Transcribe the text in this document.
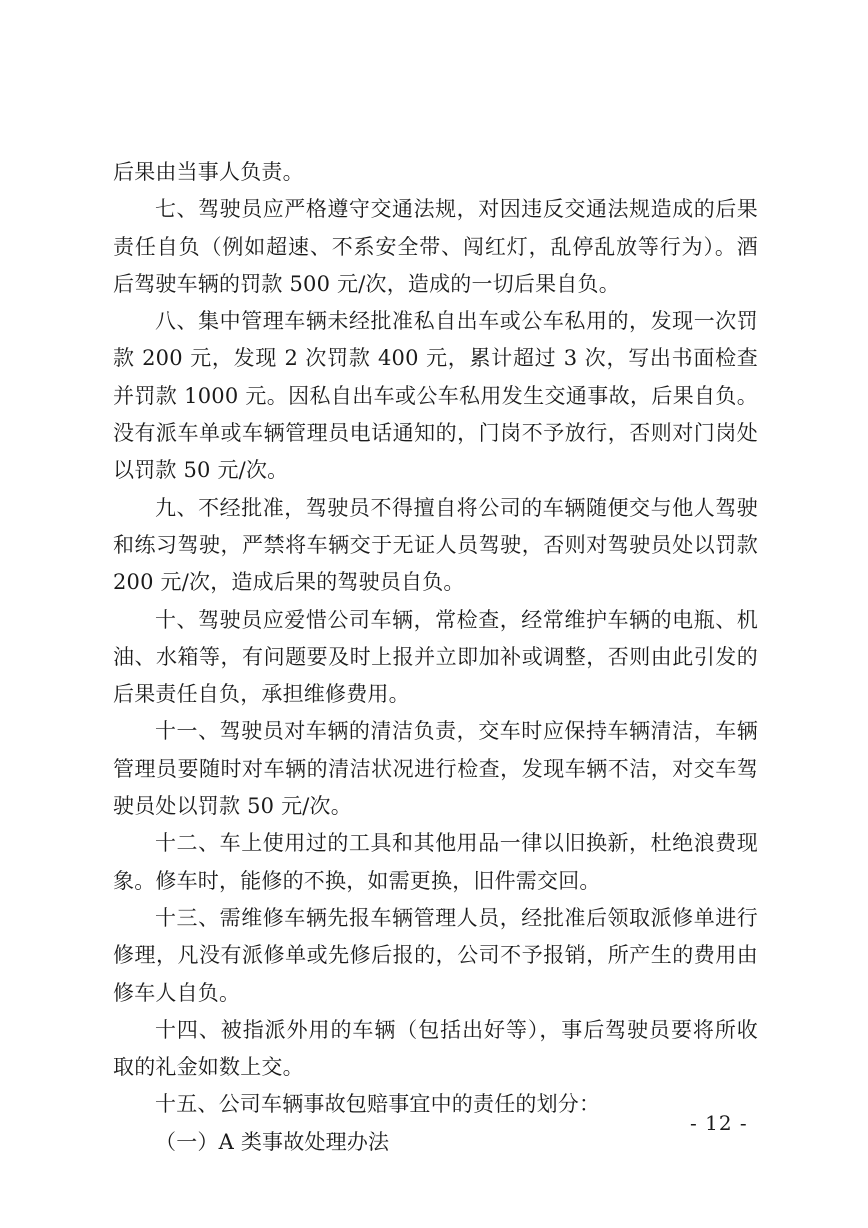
后果由当事人负责。

七、驾驶员应严格遵守交通法规，对因违反交通法规造成的后果责任自负（例如超速、不系安全带、闯红灯，乱停乱放等行为）。酒后驾驶车辆的罚款 500 元/次，造成的一切后果自负。

八、集中管理车辆未经批准私自出车或公车私用的，发现一次罚款 200 元，发现 2 次罚款 400 元，累计超过 3 次，写出书面检查并罚款 1000 元。因私自出车或公车私用发生交通事故，后果自负。没有派车单或车辆管理员电话通知的，门岗不予放行，否则对门岗处以罚款 50 元/次。

九、不经批准，驾驶员不得擅自将公司的车辆随便交与他人驾驶和练习驾驶，严禁将车辆交于无证人员驾驶，否则对驾驶员处以罚款 200 元/次，造成后果的驾驶员自负。

十、驾驶员应爱惜公司车辆，常检查，经常维护车辆的电瓶、机油、水箱等，有问题要及时上报并立即加补或调整，否则由此引发的后果责任自负，承担维修费用。

十一、驾驶员对车辆的清洁负责，交车时应保持车辆清洁，车辆管理员要随时对车辆的清洁状况进行检查，发现车辆不洁，对交车驾驶员处以罚款 50 元/次。

十二、车上使用过的工具和其他用品一律以旧换新，杜绝浪费现象。修车时，能修的不换，如需更换，旧件需交回。

十三、需维修车辆先报车辆管理人员，经批准后领取派修单进行修理，凡没有派修单或先修后报的，公司不予报销，所产生的费用由修车人自负。

十四、被指派外用的车辆（包括出好等），事后驾驶员要将所收取的礼金如数上交。

十五、公司车辆事故包赔事宜中的责任的划分：

（一）A 类事故处理办法

- 12 -
